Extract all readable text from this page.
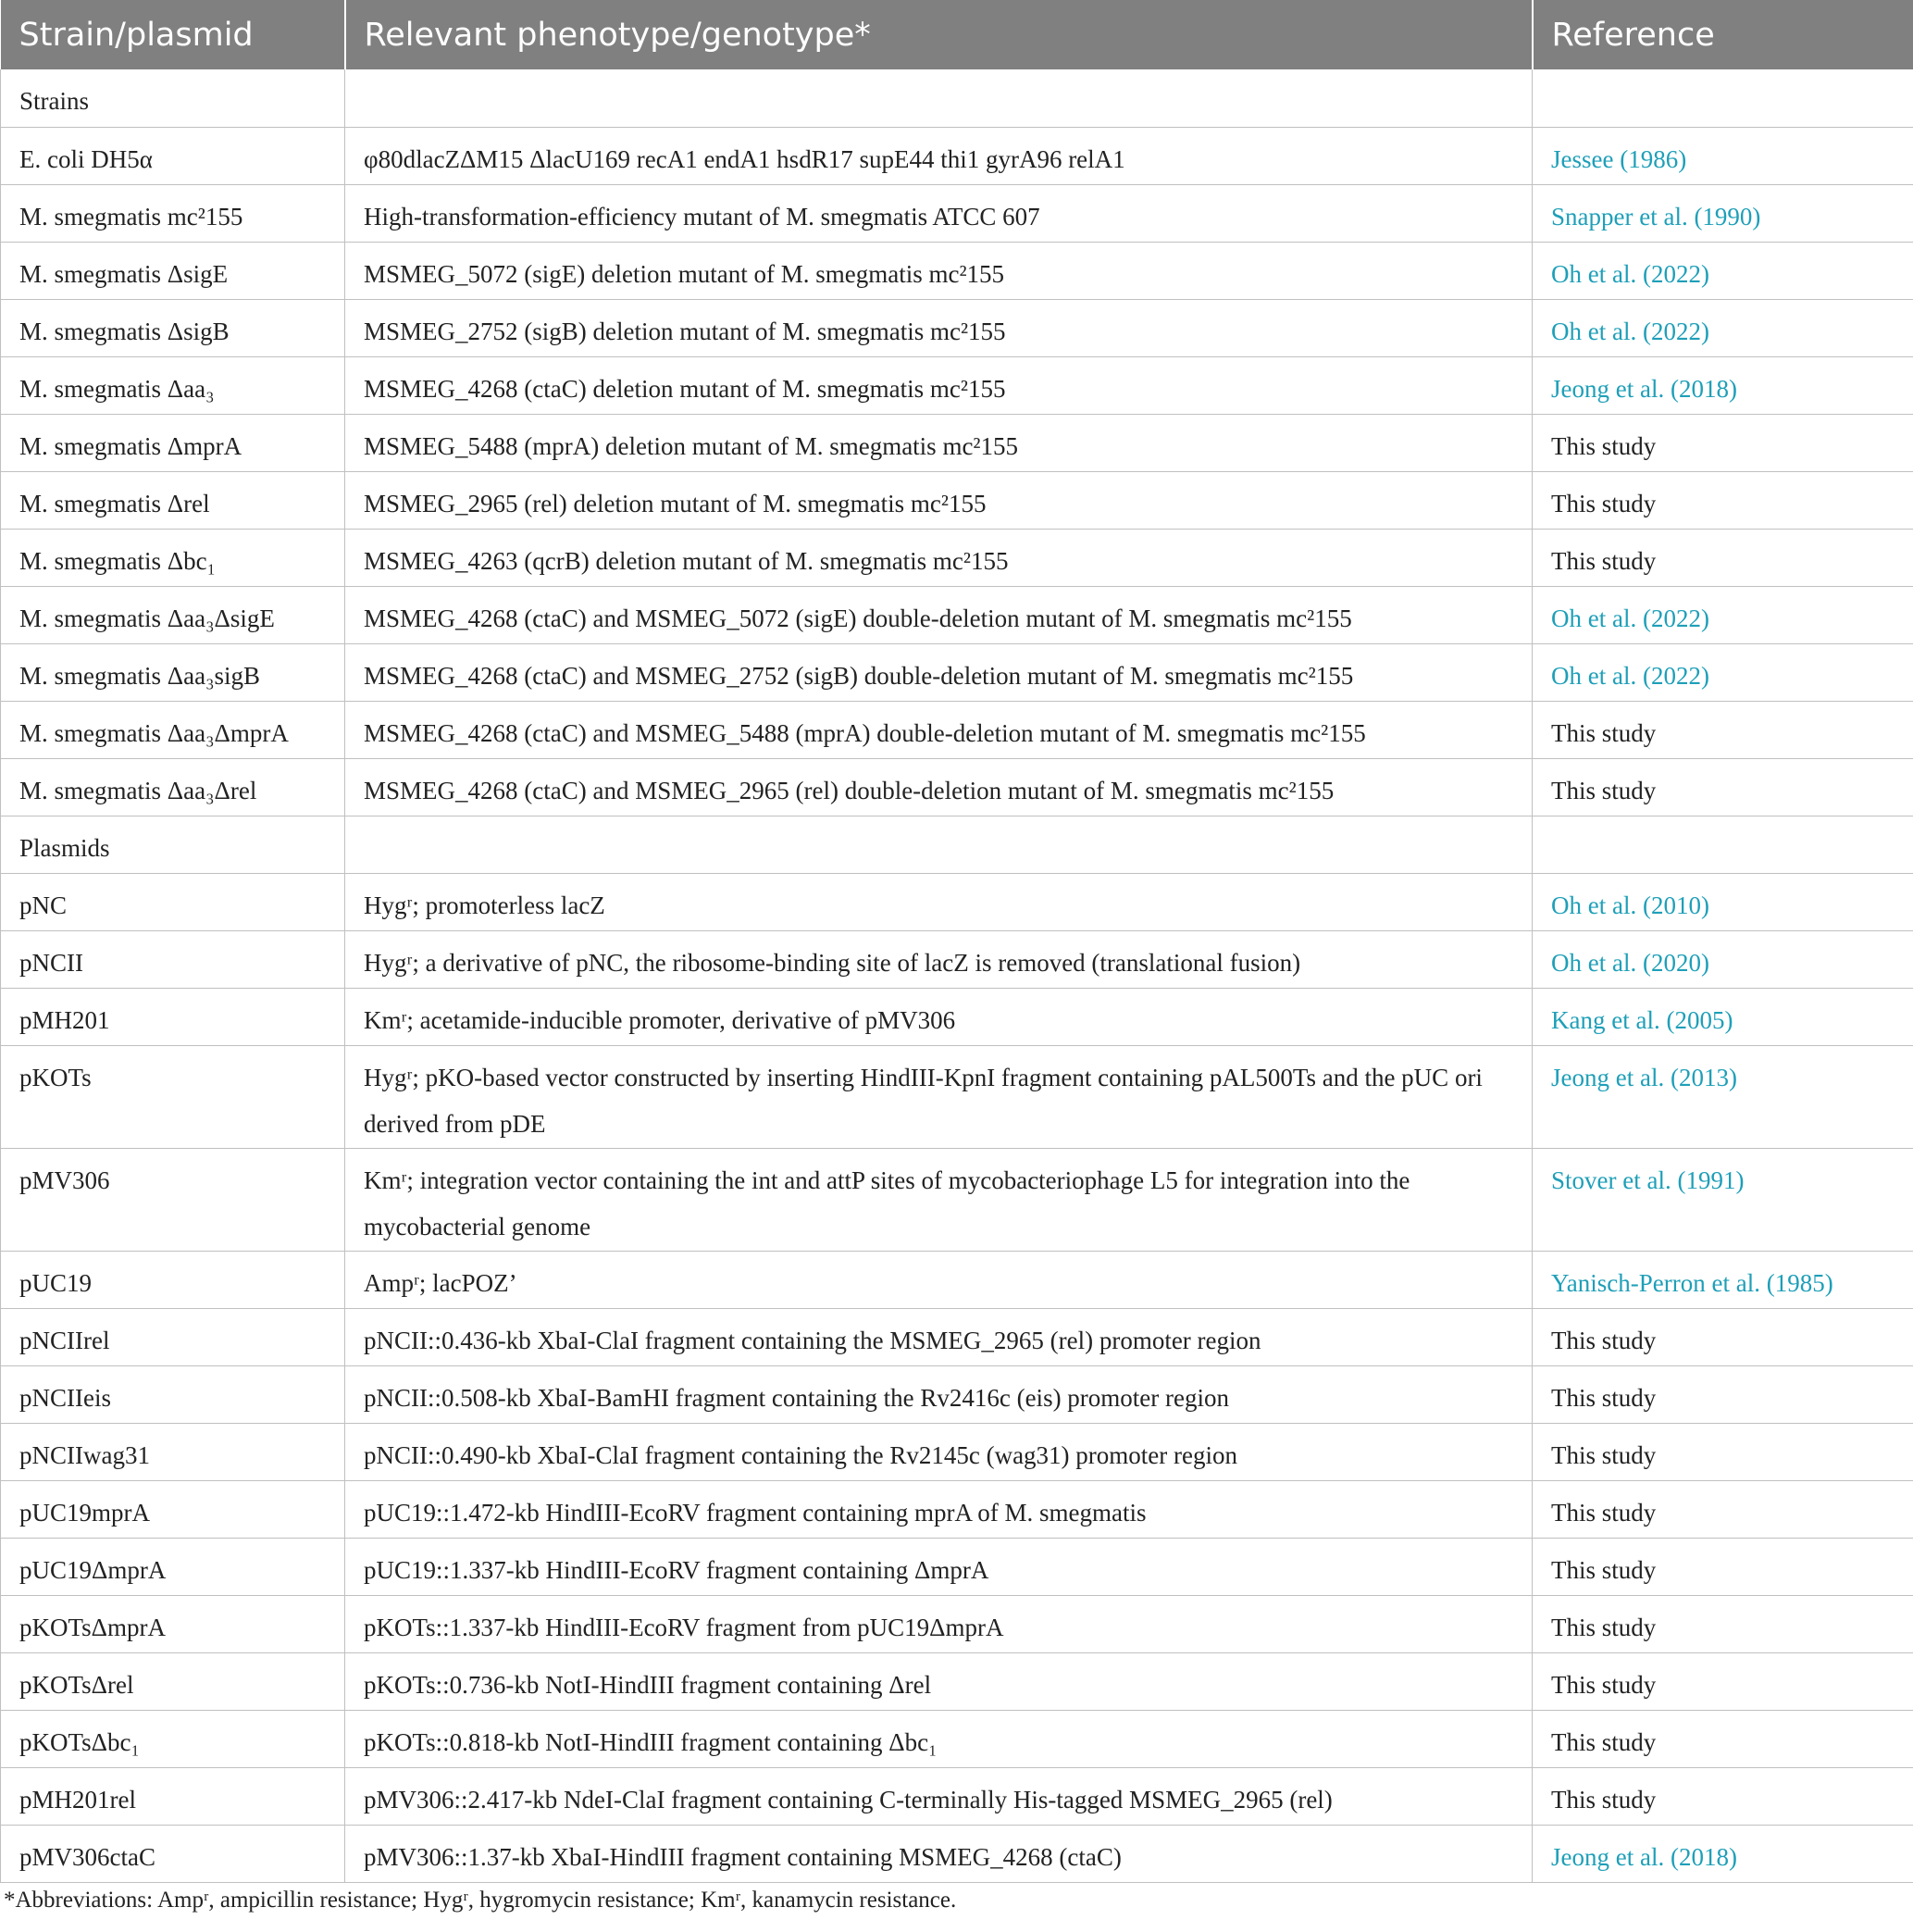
Strain/plasmid	Relevant phenotype/genotype*	Reference
Strains		
E. coli DH5α	φ80dlacZΔM15 ΔlacU169 recA1 endA1 hsdR17 supE44 thi1 gyrA96 relA1	Jessee (1986)
M. smegmatis mc²155	High-transformation-efficiency mutant of M. smegmatis ATCC 607	Snapper et al. (1990)
M. smegmatis ΔsigE	MSMEG_5072 (sigE) deletion mutant of M. smegmatis mc²155	Oh et al. (2022)
M. smegmatis ΔsigB	MSMEG_2752 (sigB) deletion mutant of M. smegmatis mc²155	Oh et al. (2022)
M. smegmatis Δaa₃	MSMEG_4268 (ctaC) deletion mutant of M. smegmatis mc²155	Jeong et al. (2018)
M. smegmatis ΔmprA	MSMEG_5488 (mprA) deletion mutant of M. smegmatis mc²155	This study
M. smegmatis Δrel	MSMEG_2965 (rel) deletion mutant of M. smegmatis mc²155	This study
M. smegmatis Δbc₁	MSMEG_4263 (qcrB) deletion mutant of M. smegmatis mc²155	This study
M. smegmatis Δaa₃ΔsigE	MSMEG_4268 (ctaC) and MSMEG_5072 (sigE) double-deletion mutant of M. smegmatis mc²155	Oh et al. (2022)
M. smegmatis Δaa₃sigB	MSMEG_4268 (ctaC) and MSMEG_2752 (sigB) double-deletion mutant of M. smegmatis mc²155	Oh et al. (2022)
M. smegmatis Δaa₃ΔmprA	MSMEG_4268 (ctaC) and MSMEG_5488 (mprA) double-deletion mutant of M. smegmatis mc²155	This study
M. smegmatis Δaa₃Δrel	MSMEG_4268 (ctaC) and MSMEG_2965 (rel) double-deletion mutant of M. smegmatis mc²155	This study
Plasmids		
pNC	Hygʳ; promoterless lacZ	Oh et al. (2010)
pNCII	Hygʳ; a derivative of pNC, the ribosome-binding site of lacZ is removed (translational fusion)	Oh et al. (2020)
pMH201	Kmʳ; acetamide-inducible promoter, derivative of pMV306	Kang et al. (2005)
pKOTs	Hygʳ; pKO-based vector constructed by inserting HindIII-KpnI fragment containing pAL500Ts and the pUC ori derived from pDE	Jeong et al. (2013)
pMV306	Kmʳ; integration vector containing the int and attP sites of mycobacteriophage L5 for integration into the mycobacterial genome	Stover et al. (1991)
pUC19	Ampʳ; lacPOZ’	Yanisch-Perron et al. (1985)
pNCIIrel	pNCII::0.436-kb XbaI-ClaI fragment containing the MSMEG_2965 (rel) promoter region	This study
pNCIIeis	pNCII::0.508-kb XbaI-BamHI fragment containing the Rv2416c (eis) promoter region	This study
pNCIIwag31	pNCII::0.490-kb XbaI-ClaI fragment containing the Rv2145c (wag31) promoter region	This study
pUC19mprA	pUC19::1.472-kb HindIII-EcoRV fragment containing mprA of M. smegmatis	This study
pUC19ΔmprA	pUC19::1.337-kb HindIII-EcoRV fragment containing ΔmprA	This study
pKOTsΔmprA	pKOTs::1.337-kb HindIII-EcoRV fragment from pUC19ΔmprA	This study
pKOTsΔrel	pKOTs::0.736-kb NotI-HindIII fragment containing Δrel	This study
pKOTsΔbc₁	pKOTs::0.818-kb NotI-HindIII fragment containing Δbc₁	This study
pMH201rel	pMV306::2.417-kb NdeI-ClaI fragment containing C-terminally His-tagged MSMEG_2965 (rel)	This study
pMV306ctaC	pMV306::1.37-kb XbaI-HindIII fragment containing MSMEG_4268 (ctaC)	Jeong et al. (2018)
*Abbreviations: Ampʳ, ampicillin resistance; Hygʳ, hygromycin resistance; Kmʳ, kanamycin resistance.
